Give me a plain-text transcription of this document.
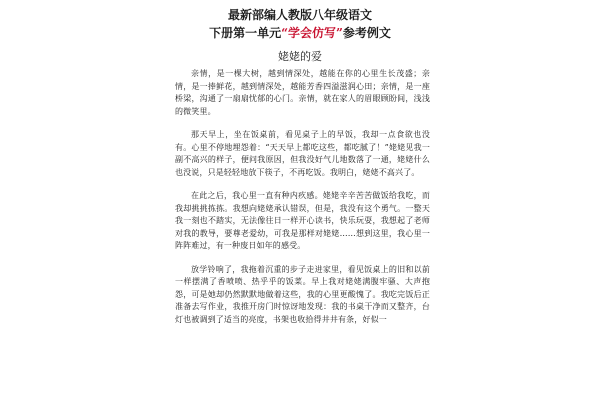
最新部编人教版八年级语文
下册第一单元“学会仿写”参考例文
姥姥的爱

亲情，是一棵大树，越到情深处，越能在你的心里生长茂盛；亲情，是一捧鲜花，越到情深处，越能芳香四溢滋润心田；亲情，是一座桥梁，沟通了一扇扇忧郁的心门。亲情，就在家人的眉眼顾盼间，浅浅的微笑里。

那天早上，坐在饭桌前，看见桌子上的早饭，我却一点食欲也没有。心里不停地埋怨着：“天天早上都吃这些，都吃腻了！”姥姥见我一副不高兴的样子，便问我原因，但我没好气儿地数落了一通，姥姥什么也没说，只是轻轻地放下筷子，不再吃饭。我明白，姥姥不高兴了。

在此之后，我心里一直有种内疚感。姥姥辛辛苦苦做饭给我吃，而我却挑挑拣拣。我想向姥姥承认错误，但是，我没有这个勇气。一整天我一刻也不踏实，无法像往日一样开心读书，快乐玩耍，我想起了老师对我的教导，要尊老爱幼，可我是那样对姥姥……想到这里，我心里一阵阵难过，有一种废日如年的感受。

放学铃响了，我拖着沉重的步子走进家里，看见饭桌上的旧和以前一样摆满了香喷喷、热乎乎的饭菜。早上我对姥姥满腹牢骚、大声抱怨，可是她却仍然默默地做着这些，我的心里更酸愧了。我吃完饭后正准备去写作业，我推开房门时惊讶地发现：我的书桌干净而又整齐，台灯也被调到了适当的亮度，书架也收拾得井井有条，好似一
